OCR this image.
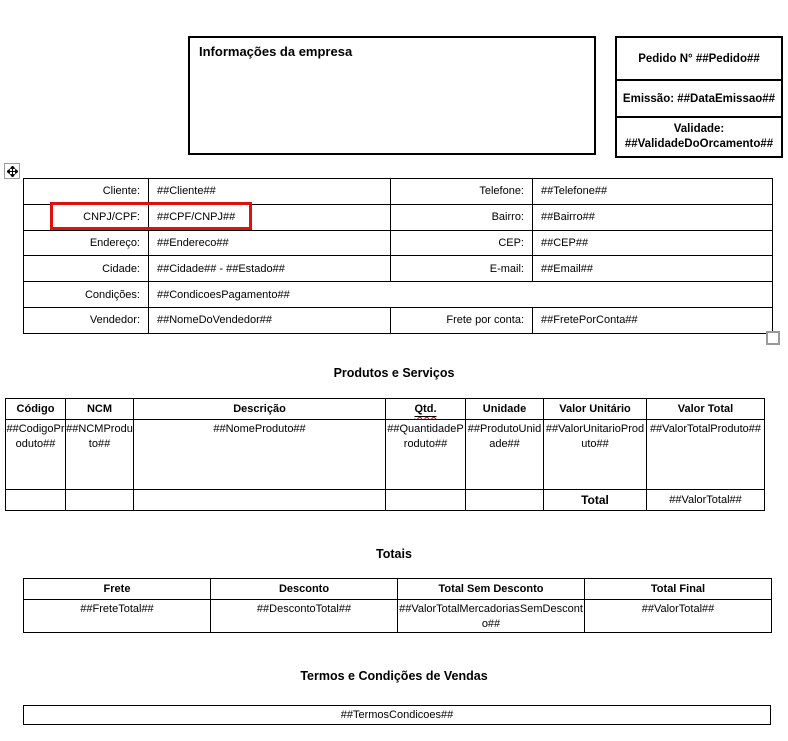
Informações da empresa	Pedido N° ##Pedido##
Emissão: ##DataEmissao##
Validade:
##ValidadeDoOrcamento##
Cliente:	##Cliente##	Telefone:	##Telefone##
CNPJ/CPF:	##CPF/CNPJ##	Bairro:	##Bairro##
Endereço:	##Endereco##	CEP:	##CEP##
Cidade:	##Cidade## - ##Estado##	E-mail:	##Email##
Condições:	##CondicoesPagamento##		
Vendedor:	##NomeDoVendedor##	Frete por conta:	##FretePorConta##
Produtos e Serviços
Código	NCM	Descrição	Qtd.	Unidade	Valor Unitário	Valor Total
##CodigoProduto##	##NCMProduto##	##NomeProduto##	##QuantidadeProduto##	##ProdutoUnidade##	##ValorUnitarioProduto##	##ValorTotalProduto##
					Total	##ValorTotal##
Totais
Frete	Desconto	Total Sem Desconto	Total Final
##FreteTotal##	##DescontoTotal##	##ValorTotalMercadoriasSemDesconto##	##ValorTotal##
Termos e Condições de Vendas
##TermosCondicoes##
